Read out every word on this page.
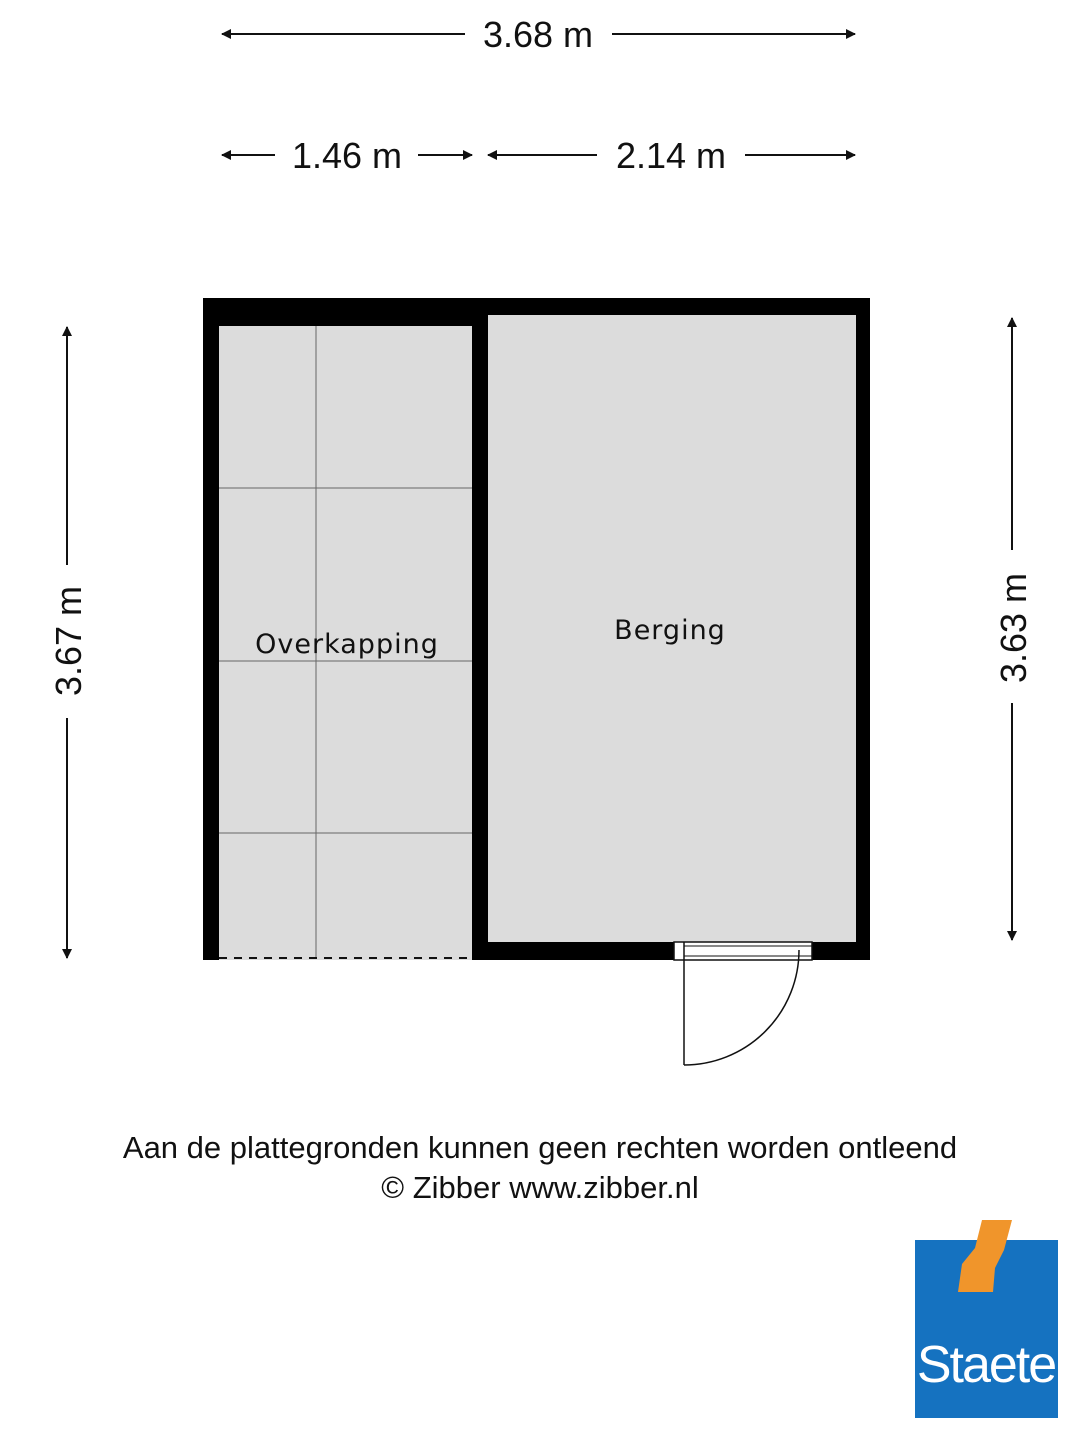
3.68 m
1.46 m	2.14 m
3.67 m	3.63 m
Overkapping	Berging
Aan de plattegronden kunnen geen rechten worden ontleend
© Zibber www.zibber.nl
Staete
